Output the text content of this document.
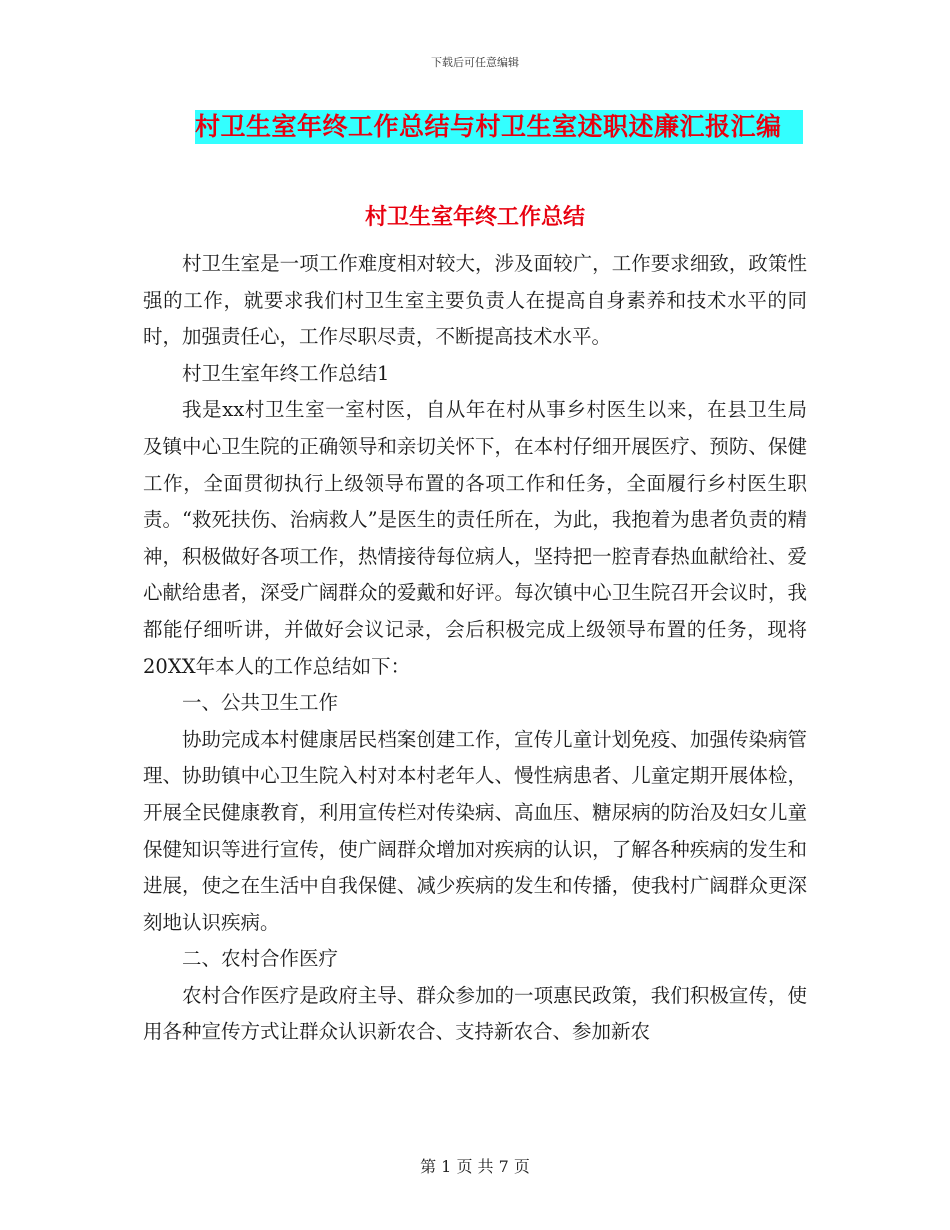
下载后可任意编辑
村卫生室年终工作总结与村卫生室述职述廉汇报汇编
村卫生室年终工作总结

村卫生室是一项工作难度相对较大，涉及面较广，工作要求细致，政策性强的工作，就要求我们村卫生室主要负责人在提高自身素养和技术水平的同时，加强责任心，工作尽职尽责，不断提高技术水平。

村卫生室年终工作总结1

我是xx村卫生室一室村医，自从年在村从事乡村医生以来，在县卫生局及镇中心卫生院的正确领导和亲切关怀下，在本村仔细开展医疗、预防、保健工作，全面贯彻执行上级领导布置的各项工作和任务，全面履行乡村医生职责。“救死扶伤、治病救人”是医生的责任所在，为此，我抱着为患者负责的精神，积极做好各项工作，热情接待每位病人，坚持把一腔青春热血献给社、爱心献给患者，深受广阔群众的爱戴和好评。每次镇中心卫生院召开会议时，我都能仔细听讲，并做好会议记录，会后积极完成上级领导布置的任务，现将20XX年本人的工作总结如下：

一、公共卫生工作

协助完成本村健康居民档案创建工作，宣传儿童计划免疫、加强传染病管理、协助镇中心卫生院入村对本村老年人、慢性病患者、儿童定期开展体检，开展全民健康教育，利用宣传栏对传染病、高血压、糖尿病的防治及妇女儿童保健知识等进行宣传，使广阔群众增加对疾病的认识，了解各种疾病的发生和进展，使之在生活中自我保健、减少疾病的发生和传播，使我村广阔群众更深刻地认识疾病。

二、农村合作医疗

农村合作医疗是政府主导、群众参加的一项惠民政策，我们积极宣传，使用各种宣传方式让群众认识新农合、支持新农合、参加新农

第 1 页 共 7 页
